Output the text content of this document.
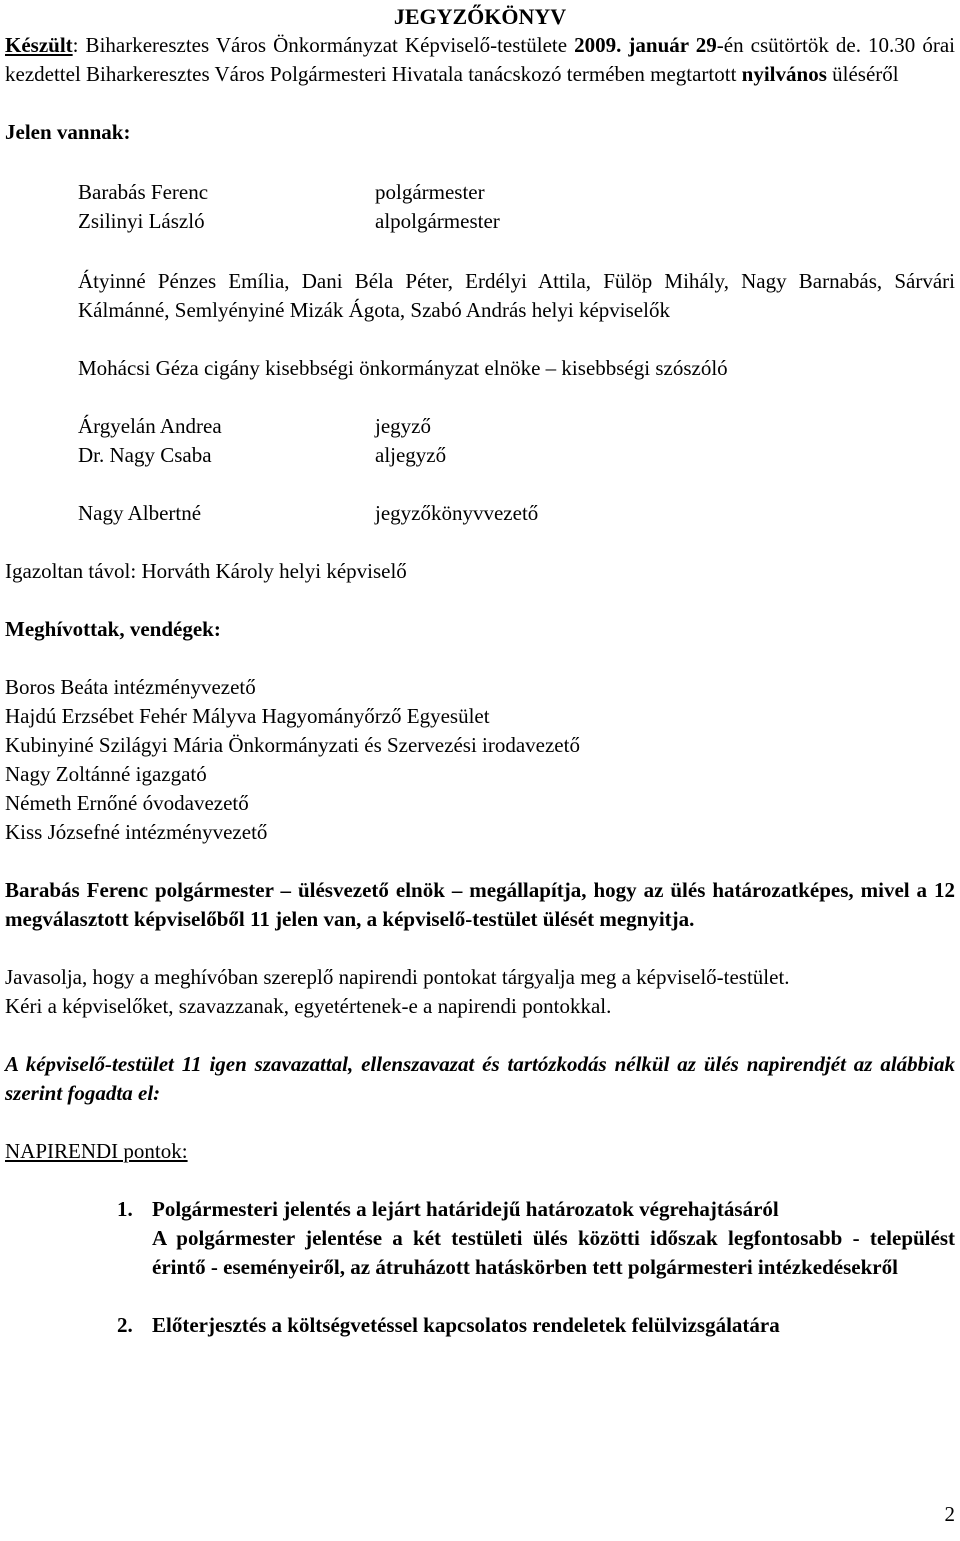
JEGYZŐKÖNYV

Készült: Biharkeresztes Város Önkormányzat Képviselő-testülete 2009. január 29-én csütörtök de. 10.30 órai kezdettel Biharkeresztes Város Polgármesteri Hivatala tanácskozó termében megtartott nyilvános üléséről

Jelen vannak:

Barabás Ferenc	polgármester
Zsilinyi László	alpolgármester

Átyinné Pénzes Emília, Dani Béla Péter, Erdélyi Attila, Fülöp Mihály, Nagy Barnabás, Sárvári Kálmánné, Semlyényiné Mizák Ágota, Szabó András helyi képviselők

Mohácsi Géza cigány kisebbségi önkormányzat elnöke – kisebbségi szószóló

Árgyelán Andrea	jegyző
Dr. Nagy Csaba	aljegyző
Nagy Albertné	jegyzőkönyvvezető

Igazoltan távol: Horváth Károly helyi képviselő

Meghívottak, vendégek:

Boros Beáta intézményvezető
Hajdú Erzsébet Fehér Mályva Hagyományőrző Egyesület
Kubinyiné Szilágyi Mária Önkormányzati és Szervezési irodavezető
Nagy Zoltánné igazgató
Németh Ernőné óvodavezető
Kiss Józsefné intézményvezető

Barabás Ferenc polgármester – ülésvezető elnök – megállapítja, hogy az ülés határozatképes, mivel a 12 megválasztott képviselőből 11 jelen van, a képviselő-testület ülését megnyitja.

Javasolja, hogy a meghívóban szereplő napirendi pontokat tárgyalja meg a képviselő-testület.
Kéri a képviselőket, szavazzanak, egyetértenek-e a napirendi pontokkal.

A képviselő-testület 11 igen szavazattal, ellenszavazat és tartózkodás nélkül az ülés napirendjét az alábbiak szerint fogadta el:

NAPIRENDI pontok:

1. Polgármesteri jelentés a lejárt határidejű határozatok végrehajtásáról
A polgármester jelentése a két testületi ülés közötti időszak legfontosabb - települést érintő - eseményeiről, az átruházott hatáskörben tett polgármesteri intézkedésekről
2. Előterjesztés a költségvetéssel kapcsolatos rendeletek felülvizsgálatára
2
